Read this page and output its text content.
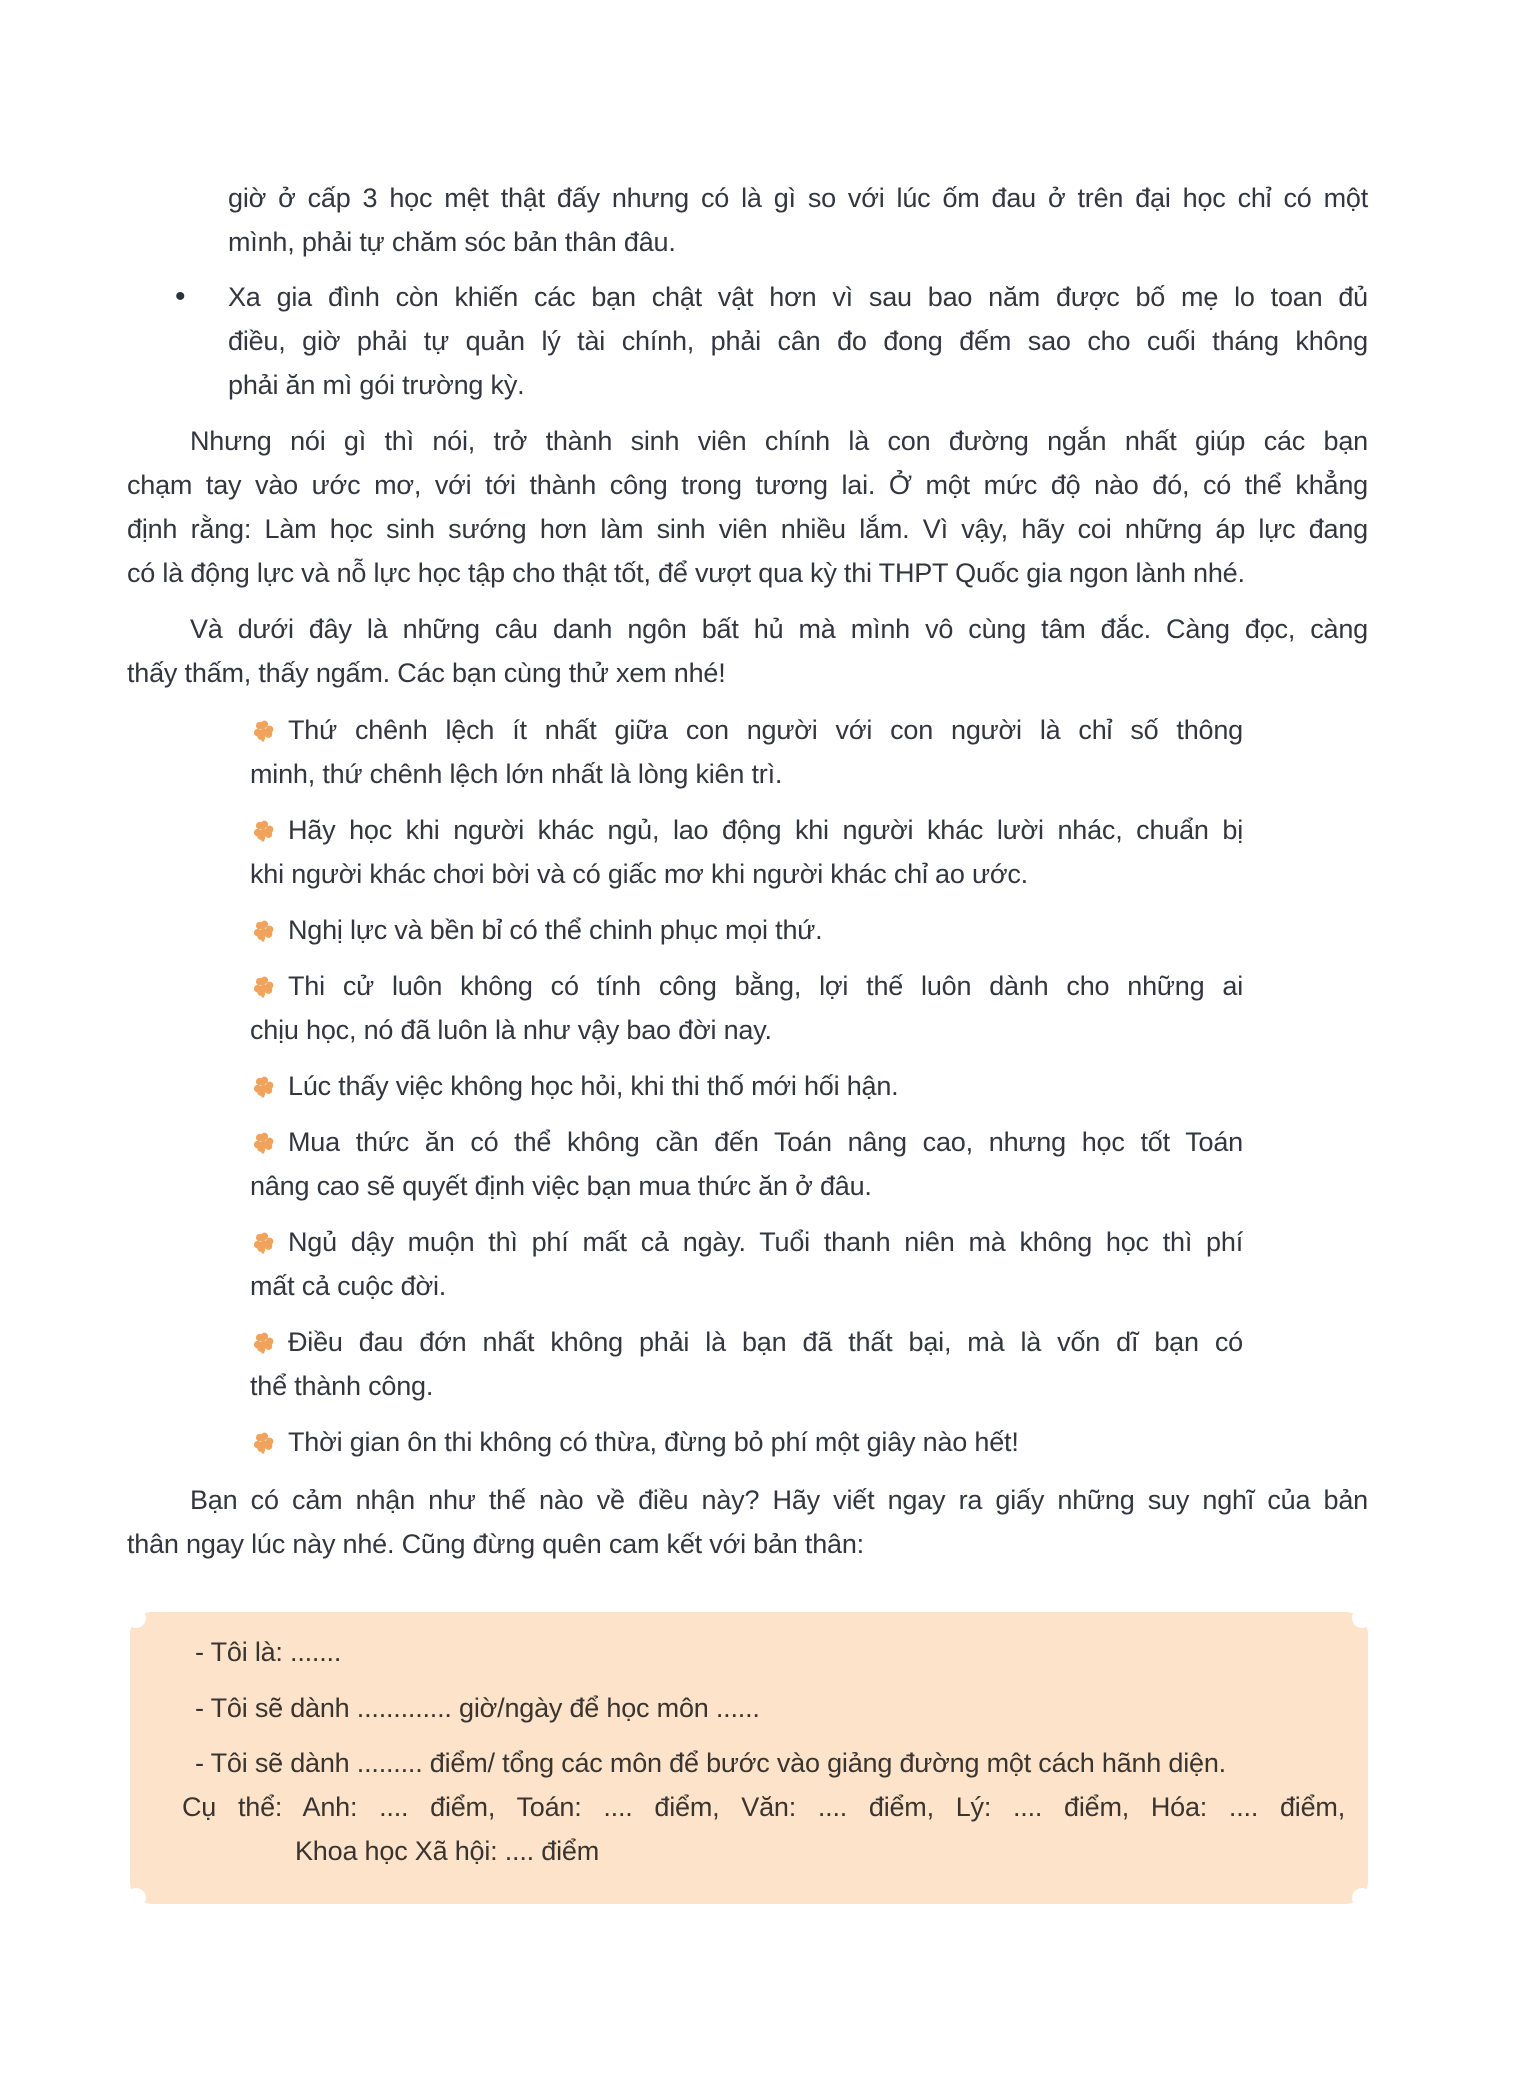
giờ ở cấp 3 học mệt thật đấy nhưng có là gì so với lúc ốm đau ở trên đại học chỉ có một
mình, phải tự chăm sóc bản thân đâu.
• Xa gia đình còn khiến các bạn chật vật hơn vì sau bao năm được bố mẹ lo toan đủ
điều, giờ phải tự quản lý tài chính, phải cân đo đong đếm sao cho cuối tháng không
phải ăn mì gói trường kỳ.
Nhưng nói gì thì nói, trở thành sinh viên chính là con đường ngắn nhất giúp các bạn
chạm tay vào ước mơ, với tới thành công trong tương lai. Ở một mức độ nào đó, có thể khẳng
định rằng: Làm học sinh sướng hơn làm sinh viên nhiều lắm. Vì vậy, hãy coi những áp lực đang
có là động lực và nỗ lực học tập cho thật tốt, để vượt qua kỳ thi THPT Quốc gia ngon lành nhé.
Và dưới đây là những câu danh ngôn bất hủ mà mình vô cùng tâm đắc. Càng đọc, càng
thấy thấm, thấy ngấm. Các bạn cùng thử xem nhé!
Thứ chênh lệch ít nhất giữa con người với con người là chỉ số thông
minh, thứ chênh lệch lớn nhất là lòng kiên trì.
Hãy học khi người khác ngủ, lao động khi người khác lười nhác, chuẩn bị
khi người khác chơi bời và có giấc mơ khi người khác chỉ ao ước.
Nghị lực và bền bỉ có thể chinh phục mọi thứ.
Thi cử luôn không có tính công bằng, lợi thế luôn dành cho những ai
chịu học, nó đã luôn là như vậy bao đời nay.
Lúc thấy việc không học hỏi, khi thi thố mới hối hận.
Mua thức ăn có thể không cần đến Toán nâng cao, nhưng học tốt Toán
nâng cao sẽ quyết định việc bạn mua thức ăn ở đâu.
Ngủ dậy muộn thì phí mất cả ngày. Tuổi thanh niên mà không học thì phí
mất cả cuộc đời.
Điều đau đớn nhất không phải là bạn đã thất bại, mà là vốn dĩ bạn có
thể thành công.
Thời gian ôn thi không có thừa, đừng bỏ phí một giây nào hết!
Bạn có cảm nhận như thế nào về điều này? Hãy viết ngay ra giấy những suy nghĩ của bản
thân ngay lúc này nhé. Cũng đừng quên cam kết với bản thân:
- Tôi là: .......
- Tôi sẽ dành ............. giờ/ngày để học môn ......
- Tôi sẽ dành ......... điểm/ tổng các môn để bước vào giảng đường một cách hãnh diện.
Cụ thể: Anh: .... điểm, Toán: .... điểm, Văn: .... điểm, Lý: .... điểm, Hóa: .... điểm,
Khoa học Xã hội: .... điểm
